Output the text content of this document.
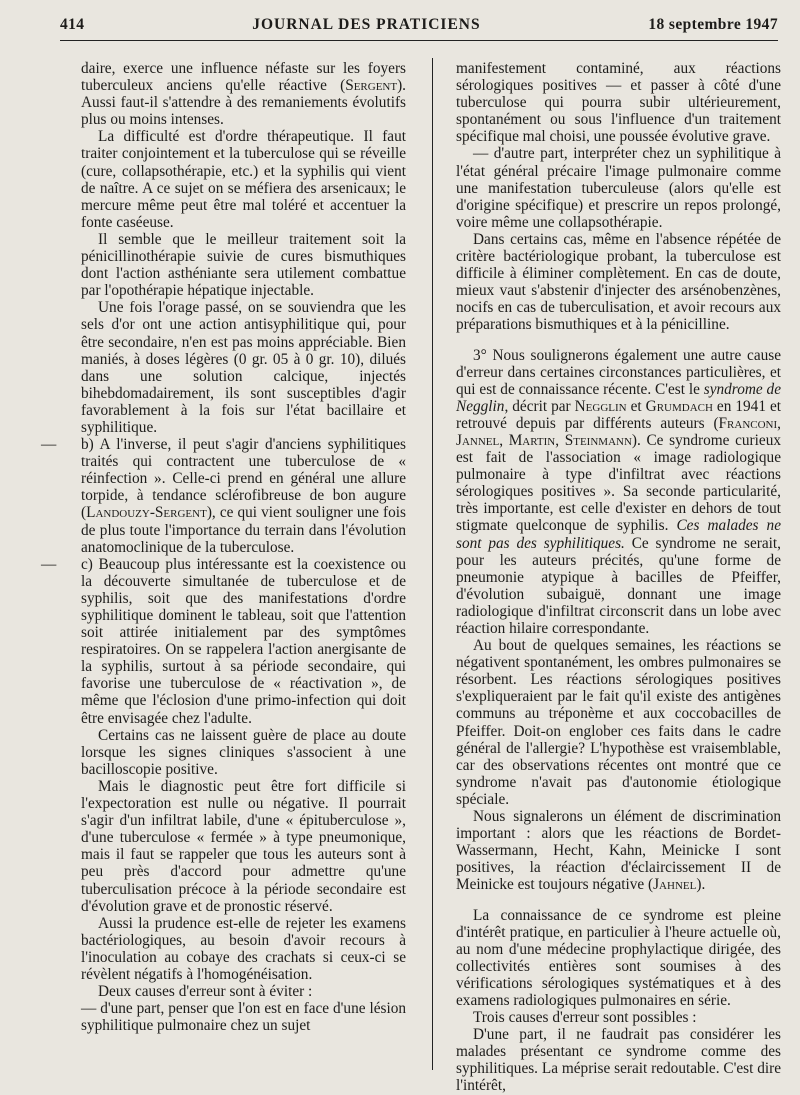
414	JOURNAL DES PRATICIENS	18 septembre 1947

daire, exerce une influence néfaste sur les foyers tuberculeux anciens qu'elle réactive (Sergent). Aussi faut-il s'attendre à des remaniements évolutifs plus ou moins intenses.

La difficulté est d'ordre thérapeutique. Il faut traiter conjointement et la tuberculose qui se réveille (cure, collapsothérapie, etc.) et la syphilis qui vient de naître. A ce sujet on se méfiera des arsenicaux; le mercure même peut être mal toléré et accentuer la fonte caséeuse.

Il semble que le meilleur traitement soit la pénicillinothérapie suivie de cures bismuthiques dont l'action asthéniante sera utilement combattue par l'opothérapie hépatique injectable.

Une fois l'orage passé, on se souviendra que les sels d'or ont une action antisyphilitique qui, pour être secondaire, n'en est pas moins appréciable. Bien maniés, à doses légères (0 gr. 05 à 0 gr. 10), dilués dans une solution calcique, injectés bihebdomadairement, ils sont susceptibles d'agir favorablement à la fois sur l'état bacillaire et syphilitique.

— b) A l'inverse, il peut s'agir d'anciens syphilitiques traités qui contractent une tuberculose de « réinfection ». Celle-ci prend en général une allure torpide, à tendance sclérofibreuse de bon augure (Landouzy-Sergent), ce qui vient souligner une fois de plus toute l'importance du terrain dans l'évolution anatomoclinique de la tuberculose.

— c) Beaucoup plus intéressante est la coexistence ou la découverte simultanée de tuberculose et de syphilis, soit que des manifestations d'ordre syphilitique dominent le tableau, soit que l'attention soit attirée initialement par des symptômes respiratoires. On se rappelera l'action anergisante de la syphilis, surtout à sa période secondaire, qui favorise une tuberculose de « réactivation », de même que l'éclosion d'une primo-infection qui doit être envisagée chez l'adulte.

Certains cas ne laissent guère de place au doute lorsque les signes cliniques s'associent à une bacilloscopie positive.

Mais le diagnostic peut être fort difficile si l'expectoration est nulle ou négative. Il pourrait s'agir d'un infiltrat labile, d'une « épituberculose », d'une tuberculose « fermée » à type pneumonique, mais il faut se rappeler que tous les auteurs sont à peu près d'accord pour admettre qu'une tuberculisation précoce à la période secondaire est d'évolution grave et de pronostic réservé.

Aussi la prudence est-elle de rejeter les examens bactériologiques, au besoin d'avoir recours à l'inoculation au cobaye des crachats si ceux-ci se révèlent négatifs à l'homogénéisation.

Deux causes d'erreur sont à éviter :

— d'une part, penser que l'on est en face d'une lésion syphilitique pulmonaire chez un sujet

manifestement contaminé, aux réactions sérologiques positives — et passer à côté d'une tuberculose qui pourra subir ultérieurement, spontanément ou sous l'influence d'un traitement spécifique mal choisi, une poussée évolutive grave.

— d'autre part, interpréter chez un syphilitique à l'état général précaire l'image pulmonaire comme une manifestation tuberculeuse (alors qu'elle est d'origine spécifique) et prescrire un repos prolongé, voire même une collapsothérapie.

Dans certains cas, même en l'absence répétée de critère bactériologique probant, la tuberculose est difficile à éliminer complètement. En cas de doute, mieux vaut s'abstenir d'injecter des arsénobenzènes, nocifs en cas de tuberculisation, et avoir recours aux préparations bismuthiques et à la pénicilline.

3° Nous soulignerons également une autre cause d'erreur dans certaines circonstances particulières, et qui est de connaissance récente. C'est le syndrome de Negglin, décrit par Negglin et Grumdach en 1941 et retrouvé depuis par différents auteurs (Franconi, Jannel, Martin, Steinmann). Ce syndrome curieux est fait de l'association « image radiologique pulmonaire à type d'infiltrat avec réactions sérologiques positives ». Sa seconde particularité, très importante, est celle d'exister en dehors de tout stigmate quelconque de syphilis. Ces malades ne sont pas des syphilitiques. Ce syndrome ne serait, pour les auteurs précités, qu'une forme de pneumonie atypique à bacilles de Pfeiffer, d'évolution subaiguë, donnant une image radiologique d'infiltrat circonscrit dans un lobe avec réaction hilaire correspondante.

Au bout de quelques semaines, les réactions se négativent spontanément, les ombres pulmonaires se résorbent. Les réactions sérologiques positives s'expliqueraient par le fait qu'il existe des antigènes communs au tréponème et aux coccobacilles de Pfeiffer. Doit-on englober ces faits dans le cadre général de l'allergie? L'hypothèse est vraisemblable, car des observations récentes ont montré que ce syndrome n'avait pas d'autonomie étiologique spéciale.

Nous signalerons un élément de discrimination important : alors que les réactions de Bordet-Wassermann, Hecht, Kahn, Meinicke I sont positives, la réaction d'éclaircissement II de Meinicke est toujours négative (Jahnel).

La connaissance de ce syndrome est pleine d'intérêt pratique, en particulier à l'heure actuelle où, au nom d'une médecine prophylactique dirigée, des collectivités entières sont soumises à des vérifications sérologiques systématiques et à des examens radiologiques pulmonaires en série.

Trois causes d'erreur sont possibles :

D'une part, il ne faudrait pas considérer les malades présentant ce syndrome comme des syphilitiques. La méprise serait redoutable. C'est dire l'intérêt,
